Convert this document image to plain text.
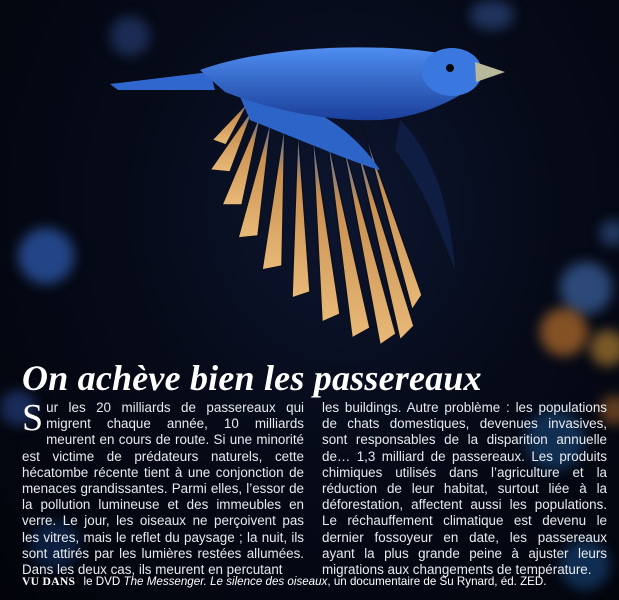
On achève bien les passereaux

Sur les 20 milliards de passereaux qui migrent chaque année, 10 milliards meurent en cours de route. Si une minorité est victime de prédateurs naturels, cette hécatombe récente tient à une conjonction de menaces grandissantes. Parmi elles, l’essor de la pollution lumineuse et des immeubles en verre. Le jour, les oiseaux ne perçoivent pas les vitres, mais le reflet du paysage ; la nuit, ils sont attirés par les lumières restées allumées. Dans les deux cas, ils meurent en percutant

les buildings. Autre problème : les populations de chats domestiques, devenues invasives, sont responsables de la disparition annuelle de… 1,3 milliard de passereaux. Les produits chimiques utilisés dans l’agriculture et la réduction de leur habitat, surtout liée à la déforestation, affectent aussi les populations. Le réchauffement climatique est devenu le dernier fossoyeur en date, les passereaux ayant la plus grande peine à ajuster leurs migrations aux changements de température.

VU DANS le DVD The Messenger. Le silence des oiseaux, un documentaire de Su Rynard, éd. ZED.
